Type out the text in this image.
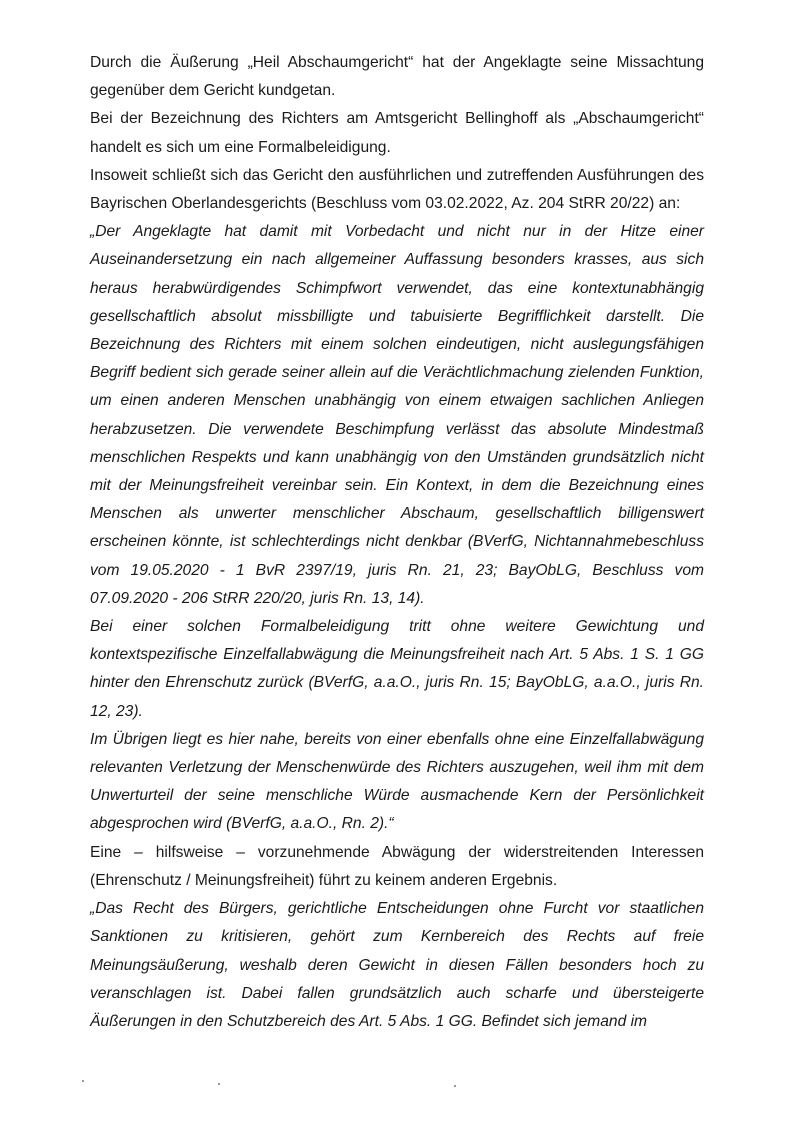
Durch die Äußerung „Heil Abschaumgericht“ hat der Angeklagte seine Missachtung gegenüber dem Gericht kundgetan.

Bei der Bezeichnung des Richters am Amtsgericht Bellinghoff als „Abschaumgericht“ handelt es sich um eine Formalbeleidigung.

Insoweit schließt sich das Gericht den ausführlichen und zutreffenden Ausführungen des Bayrischen Oberlandesgerichts (Beschluss vom 03.02.2022, Az. 204 StRR 20/22) an:

„Der Angeklagte hat damit mit Vorbedacht und nicht nur in der Hitze einer Auseinandersetzung ein nach allgemeiner Auffassung besonders krasses, aus sich heraus herabwürdigendes Schimpfwort verwendet, das eine kontextunabhängig gesellschaftlich absolut missbilligte und tabuisierte Begrifflichkeit darstellt. Die Bezeichnung des Richters mit einem solchen eindeutigen, nicht auslegungsfähigen Begriff bedient sich gerade seiner allein auf die Verächtlichmachung zielenden Funktion, um einen anderen Menschen unabhängig von einem etwaigen sachlichen Anliegen herabzusetzen. Die verwendete Beschimpfung verlässt das absolute Mindestmaß menschlichen Respekts und kann unabhängig von den Umständen grundsätzlich nicht mit der Meinungsfreiheit vereinbar sein. Ein Kontext, in dem die Bezeichnung eines Menschen als unwerter menschlicher Abschaum, gesellschaftlich billigenswert erscheinen könnte, ist schlechterdings nicht denkbar (BVerfG, Nichtannahmebeschluss vom 19.05.2020 - 1 BvR 2397/19, juris Rn. 21, 23; BayObLG, Beschluss vom 07.09.2020 - 206 StRR 220/20, juris Rn. 13, 14).

Bei einer solchen Formalbeleidigung tritt ohne weitere Gewichtung und kontextspezifische Einzelfallabwägung die Meinungsfreiheit nach Art. 5 Abs. 1 S. 1 GG hinter den Ehrenschutz zurück (BVerfG, a.a.O., juris Rn. 15; BayObLG, a.a.O., juris Rn. 12, 23).

Im Übrigen liegt es hier nahe, bereits von einer ebenfalls ohne eine Einzelfallabwägung relevanten Verletzung der Menschenwürde des Richters auszugehen, weil ihm mit dem Unwerturteil der seine menschliche Würde ausmachende Kern der Persönlichkeit abgesprochen wird (BVerfG, a.a.O., Rn. 2).“

Eine – hilfsweise – vorzunehmende Abwägung der widerstreitenden Interessen (Ehrenschutz / Meinungsfreiheit) führt zu keinem anderen Ergebnis.

„Das Recht des Bürgers, gerichtliche Entscheidungen ohne Furcht vor staatlichen Sanktionen zu kritisieren, gehört zum Kernbereich des Rechts auf freie Meinungsäußerung, weshalb deren Gewicht in diesen Fällen besonders hoch zu veranschlagen ist. Dabei fallen grundsätzlich auch scharfe und übersteigerte Äußerungen in den Schutzbereich des Art. 5 Abs. 1 GG. Befindet sich jemand im
